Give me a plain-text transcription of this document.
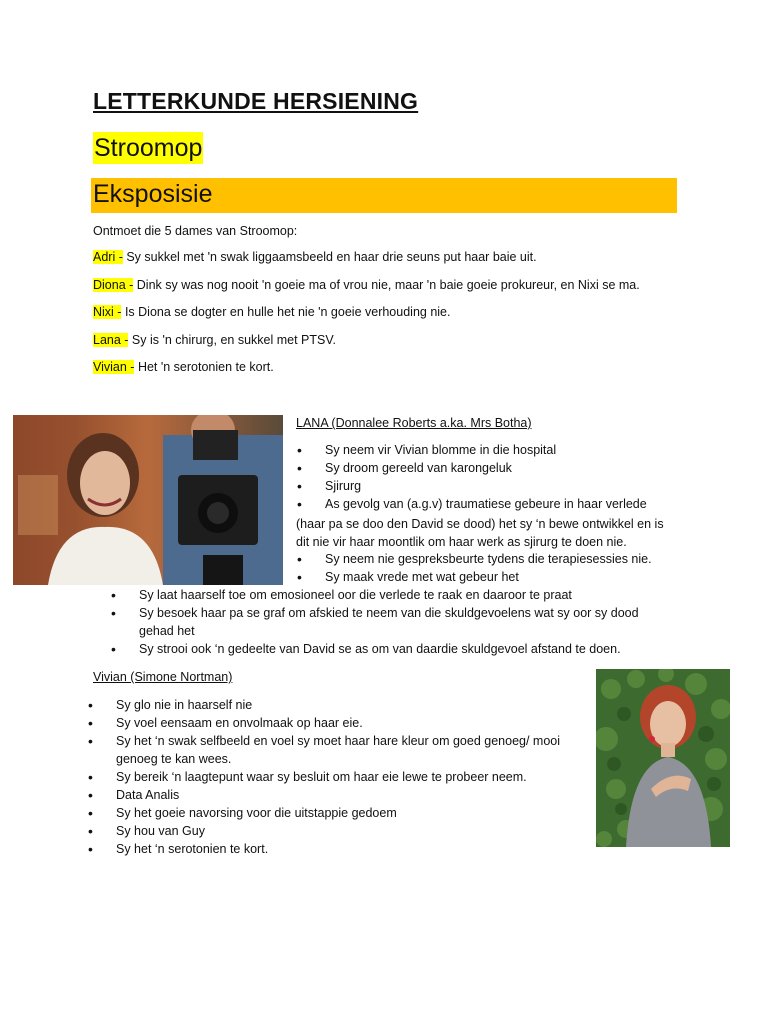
LETTERKUNDE HERSIENING
Stroomop
Eksposisie
Ontmoet die 5 dames van Stroomop:
Adri - Sy sukkel met 'n swak liggaamsbeeld en haar drie seuns put haar baie uit.
Diona - Dink sy was nog nooit 'n goeie ma of vrou nie, maar 'n baie goeie prokureur, en Nixi se ma.
Nixi - Is Diona se dogter en hulle het nie 'n goeie verhouding nie.
Lana - Sy is 'n chirurg, en sukkel met PTSV.
Vivian - Het 'n serotonien te kort.
LANA (Donnalee Roberts a.ka. Mrs Botha)
• Sy neem vir Vivian blomme in die hospital
• Sy droom gereeld van karongeluk
• Sjirurg
• As gevolg van (a.g.v) traumatiese gebeure in haar verlede
(haar pa se doo den David se dood) het sy ‘n bewe ontwikkel en is
dit nie vir haar moontlik om haar werk as sjirurg te doen nie.
• Sy neem nie gespreksbeurte tydens die terapiesessies nie.
• Sy maak vrede met wat gebeur het
• Sy laat haarself toe om emosioneel oor die verlede te raak en daaroor te praat
• Sy besoek haar pa se graf om afskied te neem van die skuldgevoelens wat sy oor sy dood gehad het
• Sy strooi ook ‘n gedeelte van David se as om van daardie skuldgevoel afstand te doen.
Vivian (Simone Nortman)
• Sy glo nie in haarself nie
• Sy voel eensaam en onvolmaak op haar eie.
• Sy het ‘n swak selfbeeld en voel sy moet haar hare kleur om goed genoeg/ mooi genoeg te kan wees.
• Sy bereik ‘n laagtepunt waar sy besluit om haar eie lewe te probeer neem.
• Data Analis
• Sy het goeie navorsing voor die uitstappie gedoem
• Sy hou van Guy
• Sy het ‘n serotonien te kort.
